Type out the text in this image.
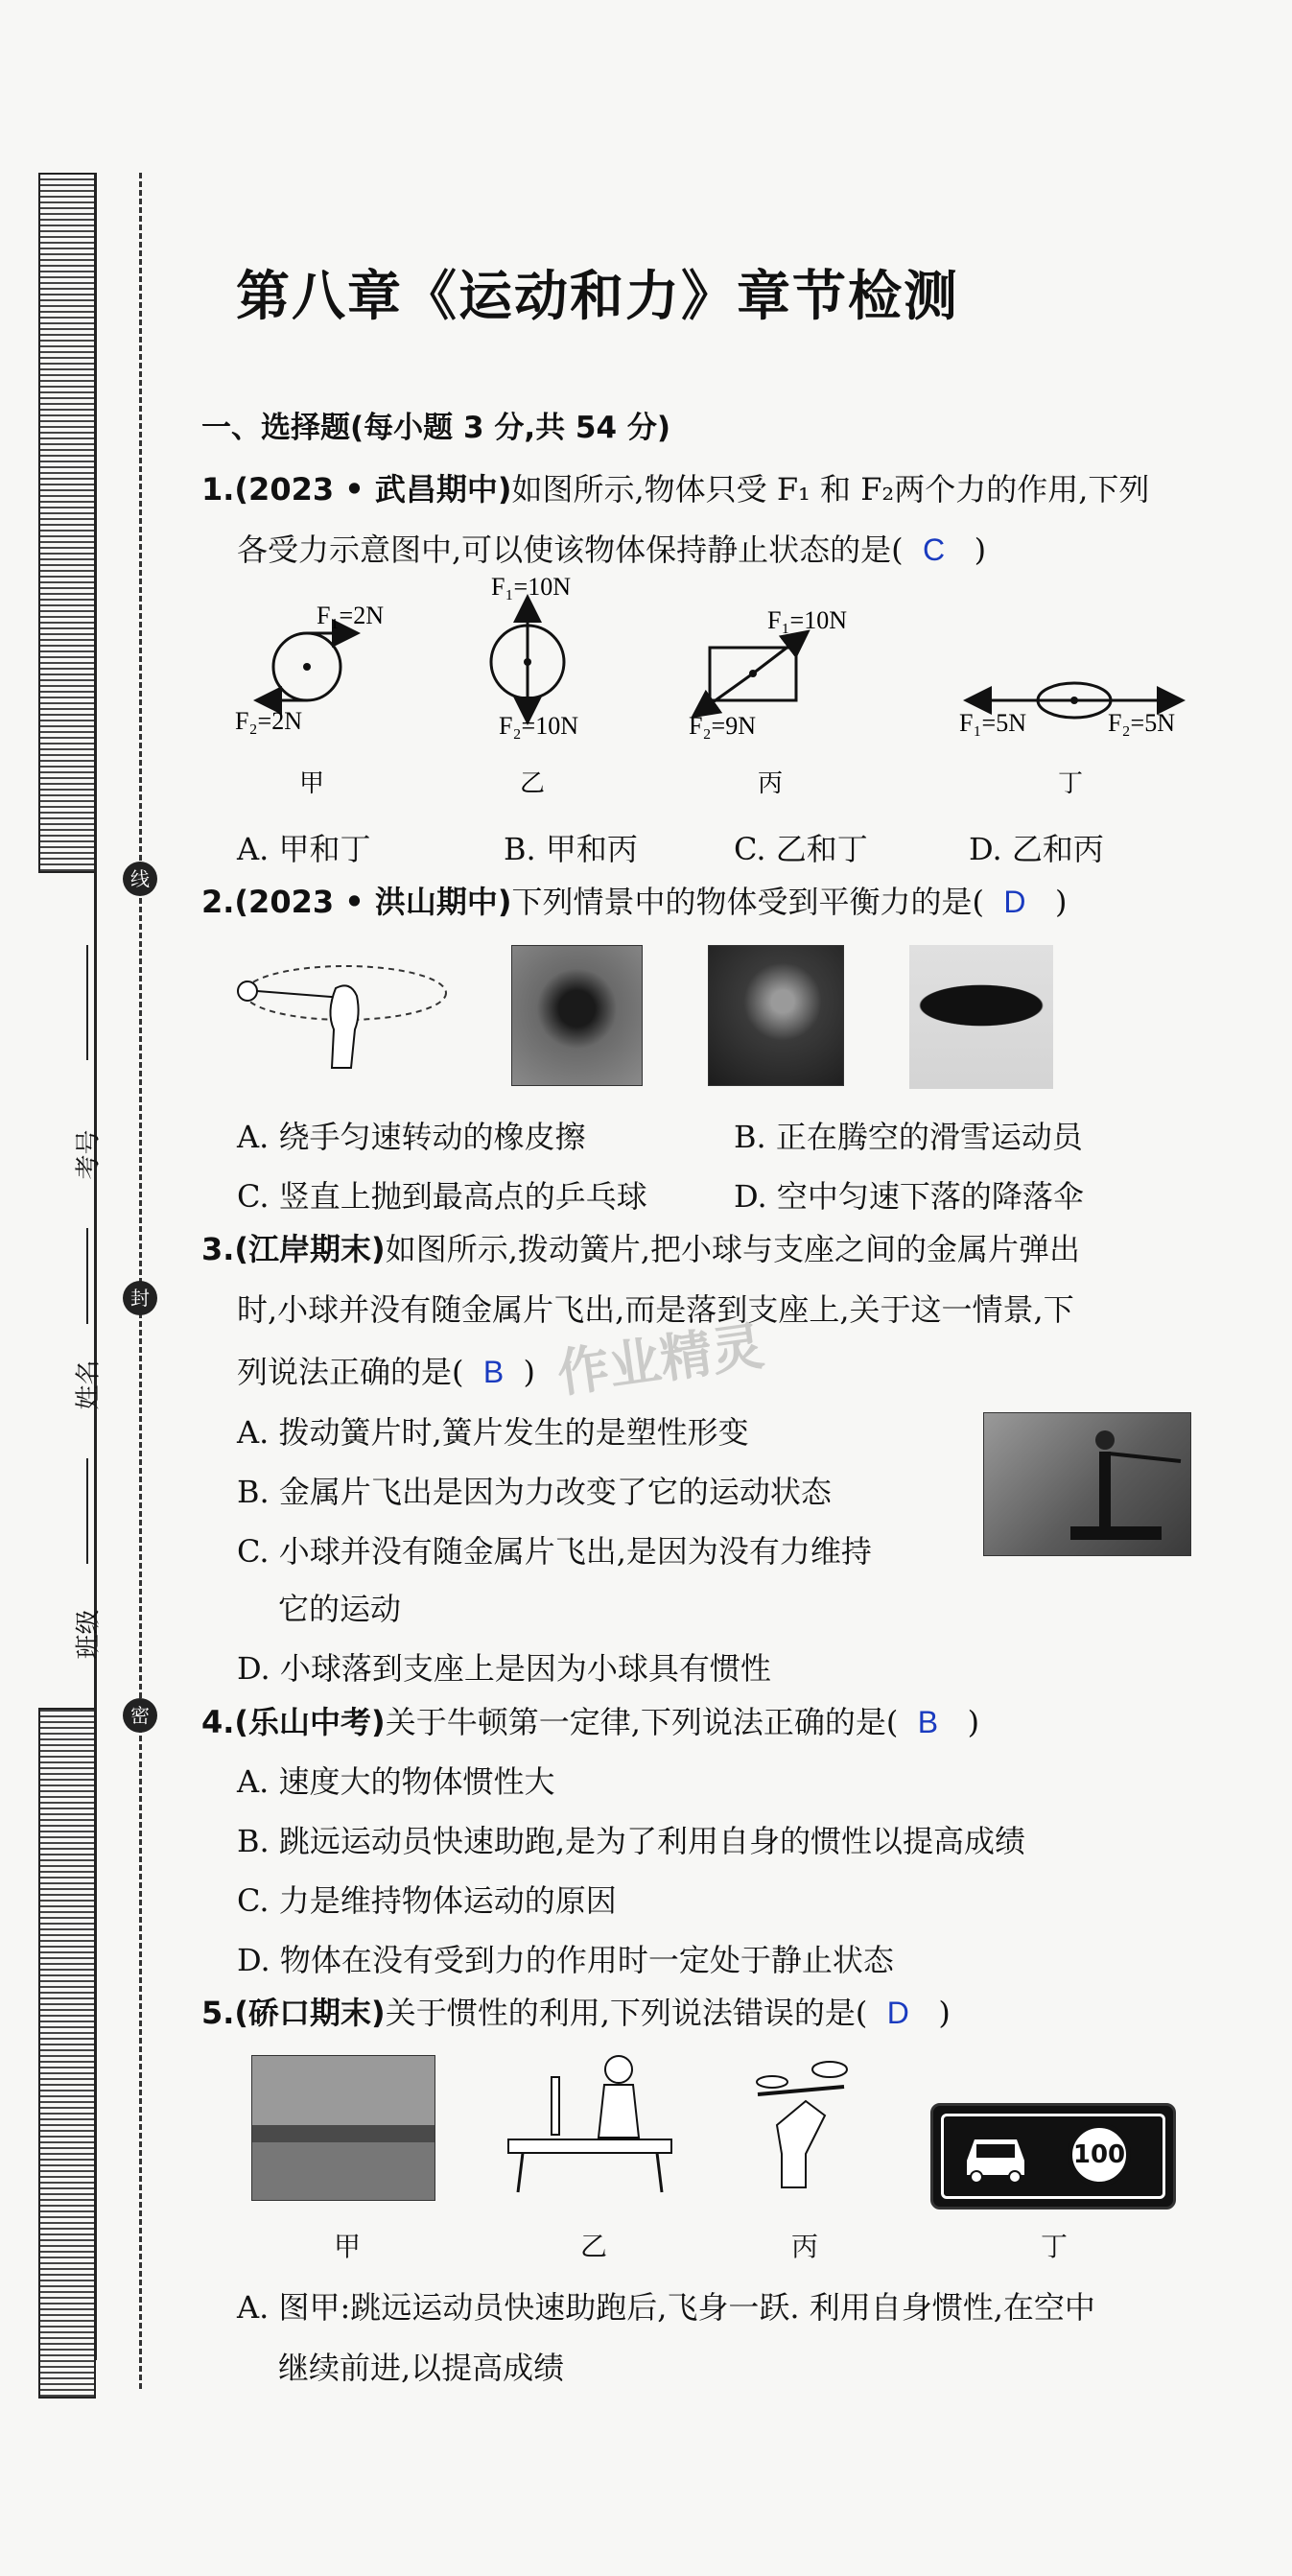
线
封
密
考号
姓名
班级
第八章《运动和力》章节检测
作业精灵
一、选择题(每小题 3 分,共 54 分)
1.(2023 • 武昌期中)如图所示,物体只受 F₁ 和 F₂两个力的作用,下列
各受力示意图中,可以使该物体保持静止状态的是( C )
F₁=2N
F₂=2N
F₁=10N
F₂=10N
F₁=10N
F₂=9N	F₁=5N	F₂=5N
甲	乙	丙	丁
A. 甲和丁	B. 甲和丙	C. 乙和丁	D. 乙和丙
2.(2023 • 洪山期中)下列情景中的物体受到平衡力的是( D )
A. 绕手匀速转动的橡皮擦	B. 正在腾空的滑雪运动员
C. 竖直上抛到最高点的乒乓球	D. 空中匀速下落的降落伞
3.(江岸期末)如图所示,拨动簧片,把小球与支座之间的金属片弹出
时,小球并没有随金属片飞出,而是落到支座上,关于这一情景,下
列说法正确的是( B )
A. 拨动簧片时,簧片发生的是塑性形变
B. 金属片飞出是因为力改变了它的运动状态
C. 小球并没有随金属片飞出,是因为没有力维持
它的运动
D. 小球落到支座上是因为小球具有惯性
4.(乐山中考)关于牛顿第一定律,下列说法正确的是( B )
A. 速度大的物体惯性大
B. 跳远运动员快速助跑,是为了利用自身的惯性以提高成绩
C. 力是维持物体运动的原因
D. 物体在没有受到力的作用时一定处于静止状态
5.(硚口期末)关于惯性的利用,下列说法错误的是( D )
100
甲	乙	丙	丁
A. 图甲:跳远运动员快速助跑后,飞身一跃. 利用自身惯性,在空中
继续前进,以提高成绩
